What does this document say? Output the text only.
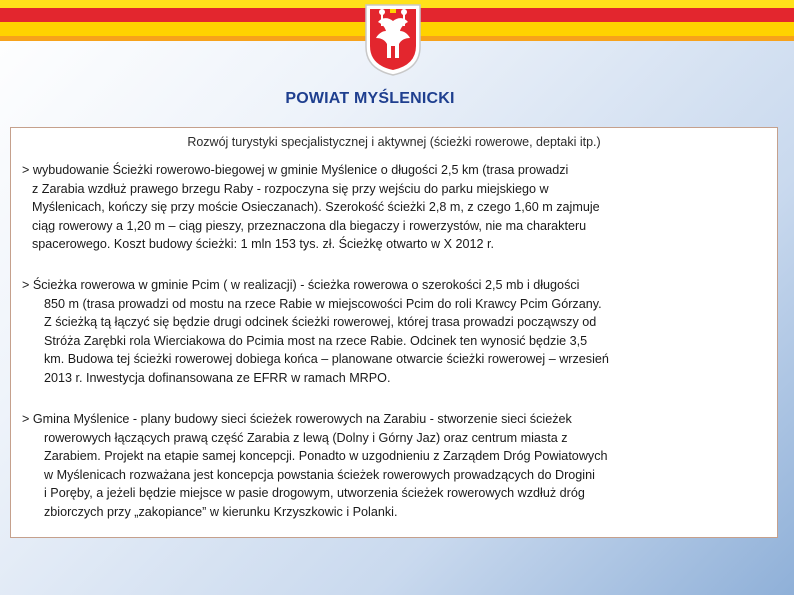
POWIAT MYŚLENICKI
Rozwój turystyki specjalistycznej i aktywnej (ścieżki rowerowe, deptaki itp.)
> wybudowanie Ścieżki rowerowo-biegowej w gminie Myślenice o długości 2,5 km (trasa prowadzi
z Zarabia wzdłuż prawego brzegu Raby - rozpoczyna się przy wejściu do parku miejskiego w
Myślenicach, kończy się przy moście Osieczanach). Szerokość ścieżki 2,8 m, z czego 1,60 m zajmuje
ciąg rowerowy a 1,20 m – ciąg pieszy, przeznaczona dla biegaczy i rowerzystów, nie ma charakteru
spacerowego. Koszt budowy ścieżki: 1 mln 153 tys. zł. Ścieżkę otwarto w X 2012 r.
> Ścieżka rowerowa w gminie Pcim ( w realizacji) - ścieżka rowerowa o szerokości 2,5 mb i długości
850 m (trasa prowadzi od mostu na rzece Rabie w miejscowości Pcim do roli Krawcy Pcim Górzany.
Z ścieżką tą łączyć się będzie drugi odcinek ścieżki rowerowej, której trasa prowadzi począwszy od
Stróża Zarębki rola Wierciakowa do Pcimia most na rzece Rabie. Odcinek ten wynosić będzie 3,5
km. Budowa tej ścieżki rowerowej dobiega końca – planowane otwarcie ścieżki rowerowej – wrzesień
2013 r. Inwestycja dofinansowana ze EFRR w ramach MRPO.
> Gmina Myślenice - plany budowy sieci ścieżek rowerowych na Zarabiu - stworzenie sieci ścieżek
rowerowych łączących prawą część Zarabia z lewą (Dolny i Górny Jaz) oraz centrum miasta z
Zarabiem. Projekt na etapie samej koncepcji. Ponadto w uzgodnieniu z Zarządem Dróg Powiatowych
w Myślenicach rozważana jest koncepcja powstania ścieżek rowerowych prowadzących do Drogini
i Poręby, a jeżeli będzie miejsce w pasie drogowym, utworzenia ścieżek rowerowych wzdłuż dróg
zbiorczych przy „zakopiance” w kierunku Krzyszkowic i Polanki.
